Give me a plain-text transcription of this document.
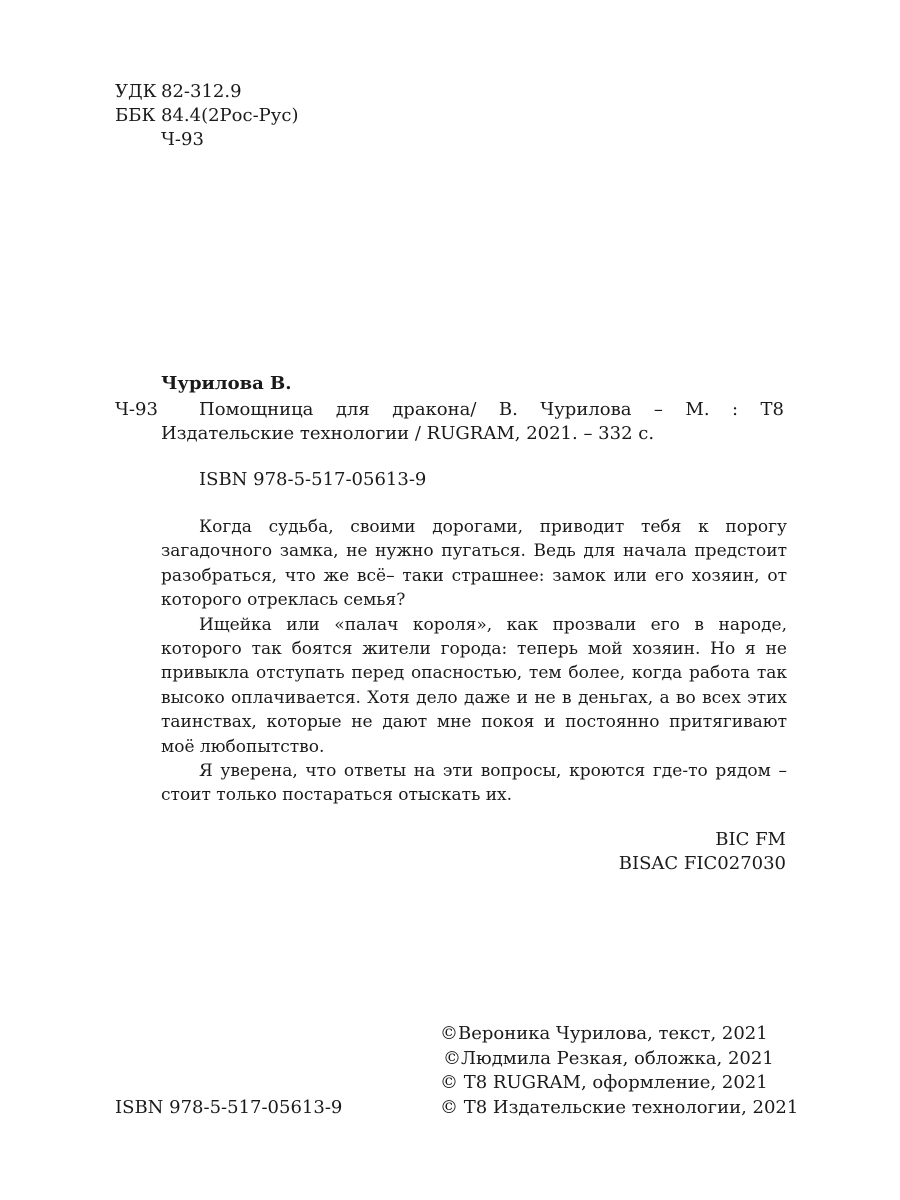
УДК 82-312.9
ББК 84.4(2Рос-Рус)
Ч-93
Чурилова В.
Ч-93	Помощница для дракона/ В. Чурилова – М. : Т8 Издательские технологии / RUGRAM, 2021. – 332 с.
ISBN 978-5-517-05613-9

Когда судьба, своими дорогами, приводит тебя к порогу загадочного замка, не нужно пугаться. Ведь для начала предстоит разобраться, что же всё– таки страшнее: замок или его хозяин, от которого отреклась семья?

Ищейка или «палач короля», как прозвали его в народе, которого так боятся жители города: теперь мой хозяин. Но я не привыкла отступать перед опасностью, тем более, когда работа так высоко оплачивается. Хотя дело даже и не в деньгах, а во всех этих таинствах, которые не дают мне покоя и постоянно притягивают моё любопытство.

Я уверена, что ответы на эти вопросы, кроются где-то рядом – стоит только постараться отыскать их.

BIC FM
BISAC FIC027030
©Вероника Чурилова, текст, 2021
©Людмила Резкая, обложка, 2021
© Т8 RUGRAM, оформление, 2021
© Т8 Издательские технологии, 2021
ISBN 978-5-517-05613-9
